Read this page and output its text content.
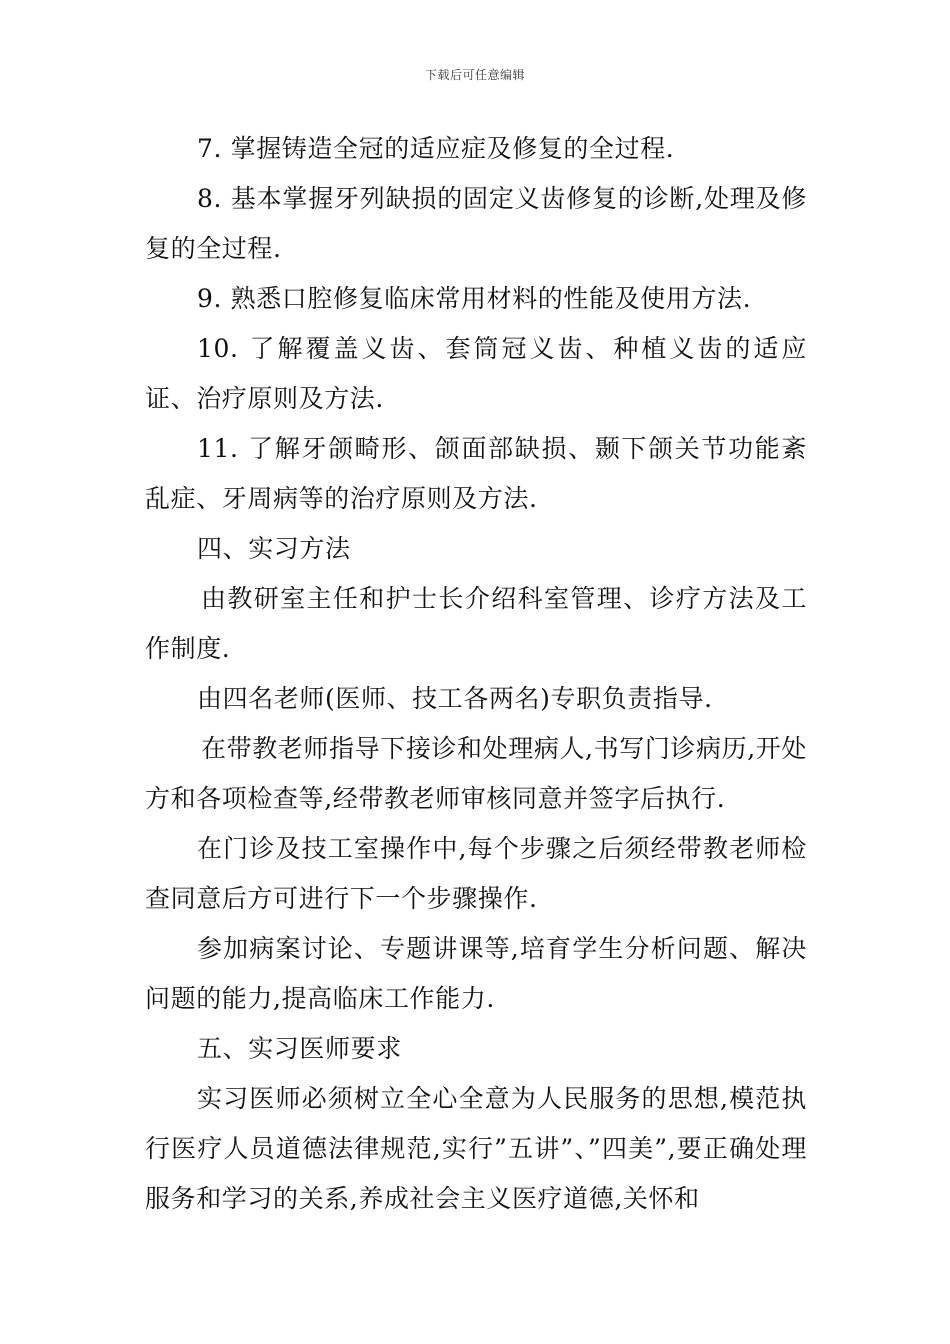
下载后可任意编辑

7. 掌握铸造全冠的适应症及修复的全过程.

8. 基本掌握牙列缺损的固定义齿修复的诊断,处理及修复的全过程.

9. 熟悉口腔修复临床常用材料的性能及使用方法.

10. 了解覆盖义齿、套筒冠义齿、种植义齿的适应证、治疗原则及方法.

11. 了解牙颌畸形、颌面部缺损、颞下颌关节功能紊乱症、牙周病等的治疗原则及方法.

四、实习方法

由教研室主任和护士长介绍科室管理、诊疗方法及工作制度.

由四名老师(医师、技工各两名)专职负责指导.

在带教老师指导下接诊和处理病人,书写门诊病历,开处方和各项检查等,经带教老师审核同意并签字后执行.

在门诊及技工室操作中,每个步骤之后须经带教老师检查同意后方可进行下一个步骤操作.

参加病案讨论、专题讲课等,培育学生分析问题、解决问题的能力,提高临床工作能力.

五、实习医师要求

实习医师必须树立全心全意为人民服务的思想,模范执行医疗人员道德法律规范,实行”五讲”、”四美”,要正确处理服务和学习的关系,养成社会主义医疗道德,关怀和
